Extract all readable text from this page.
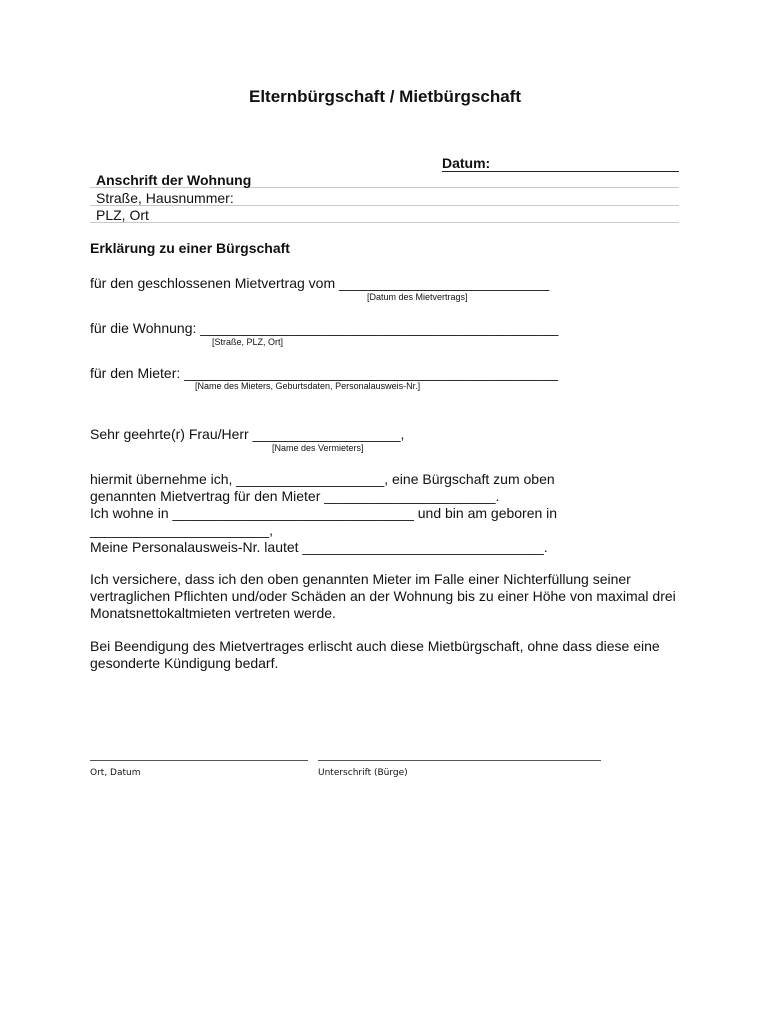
Elternbürgschaft / Mietbürgschaft
Datum:
Anschrift der Wohnung
Straße, Hausnummer:
PLZ, Ort
Erklärung zu einer Bürgschaft
für den geschlossenen Mietvertrag vom ___________________________
[Datum des Mietvertrags]
für die Wohnung: ______________________________________________
[Straße, PLZ, Ort]
für den Mieter: ________________________________________________
[Name des Mieters, Geburtsdaten, Personalausweis-Nr.]
Sehr geehrte(r) Frau/Herr ___________________,
[Name des Vermieters]
hiermit übernehme ich, ___________________, eine Bürgschaft zum oben
genannten Mietvertrag für den Mieter ______________________.
Ich wohne in _______________________________ und bin am geboren in
_______________________,
Meine Personalausweis-Nr. lautet _______________________________.
Ich versichere, dass ich den oben genannten Mieter im Falle einer Nichterfüllung seiner vertraglichen Pflichten und/oder Schäden an der Wohnung bis zu einer Höhe von maximal drei Monatsnettokaltmieten vertreten werde.
Bei Beendigung des Mietvertrages erlischt auch diese Mietbürgschaft, ohne dass diese eine gesonderte Kündigung bedarf.
Ort, Datum	Unterschrift (Bürge)
